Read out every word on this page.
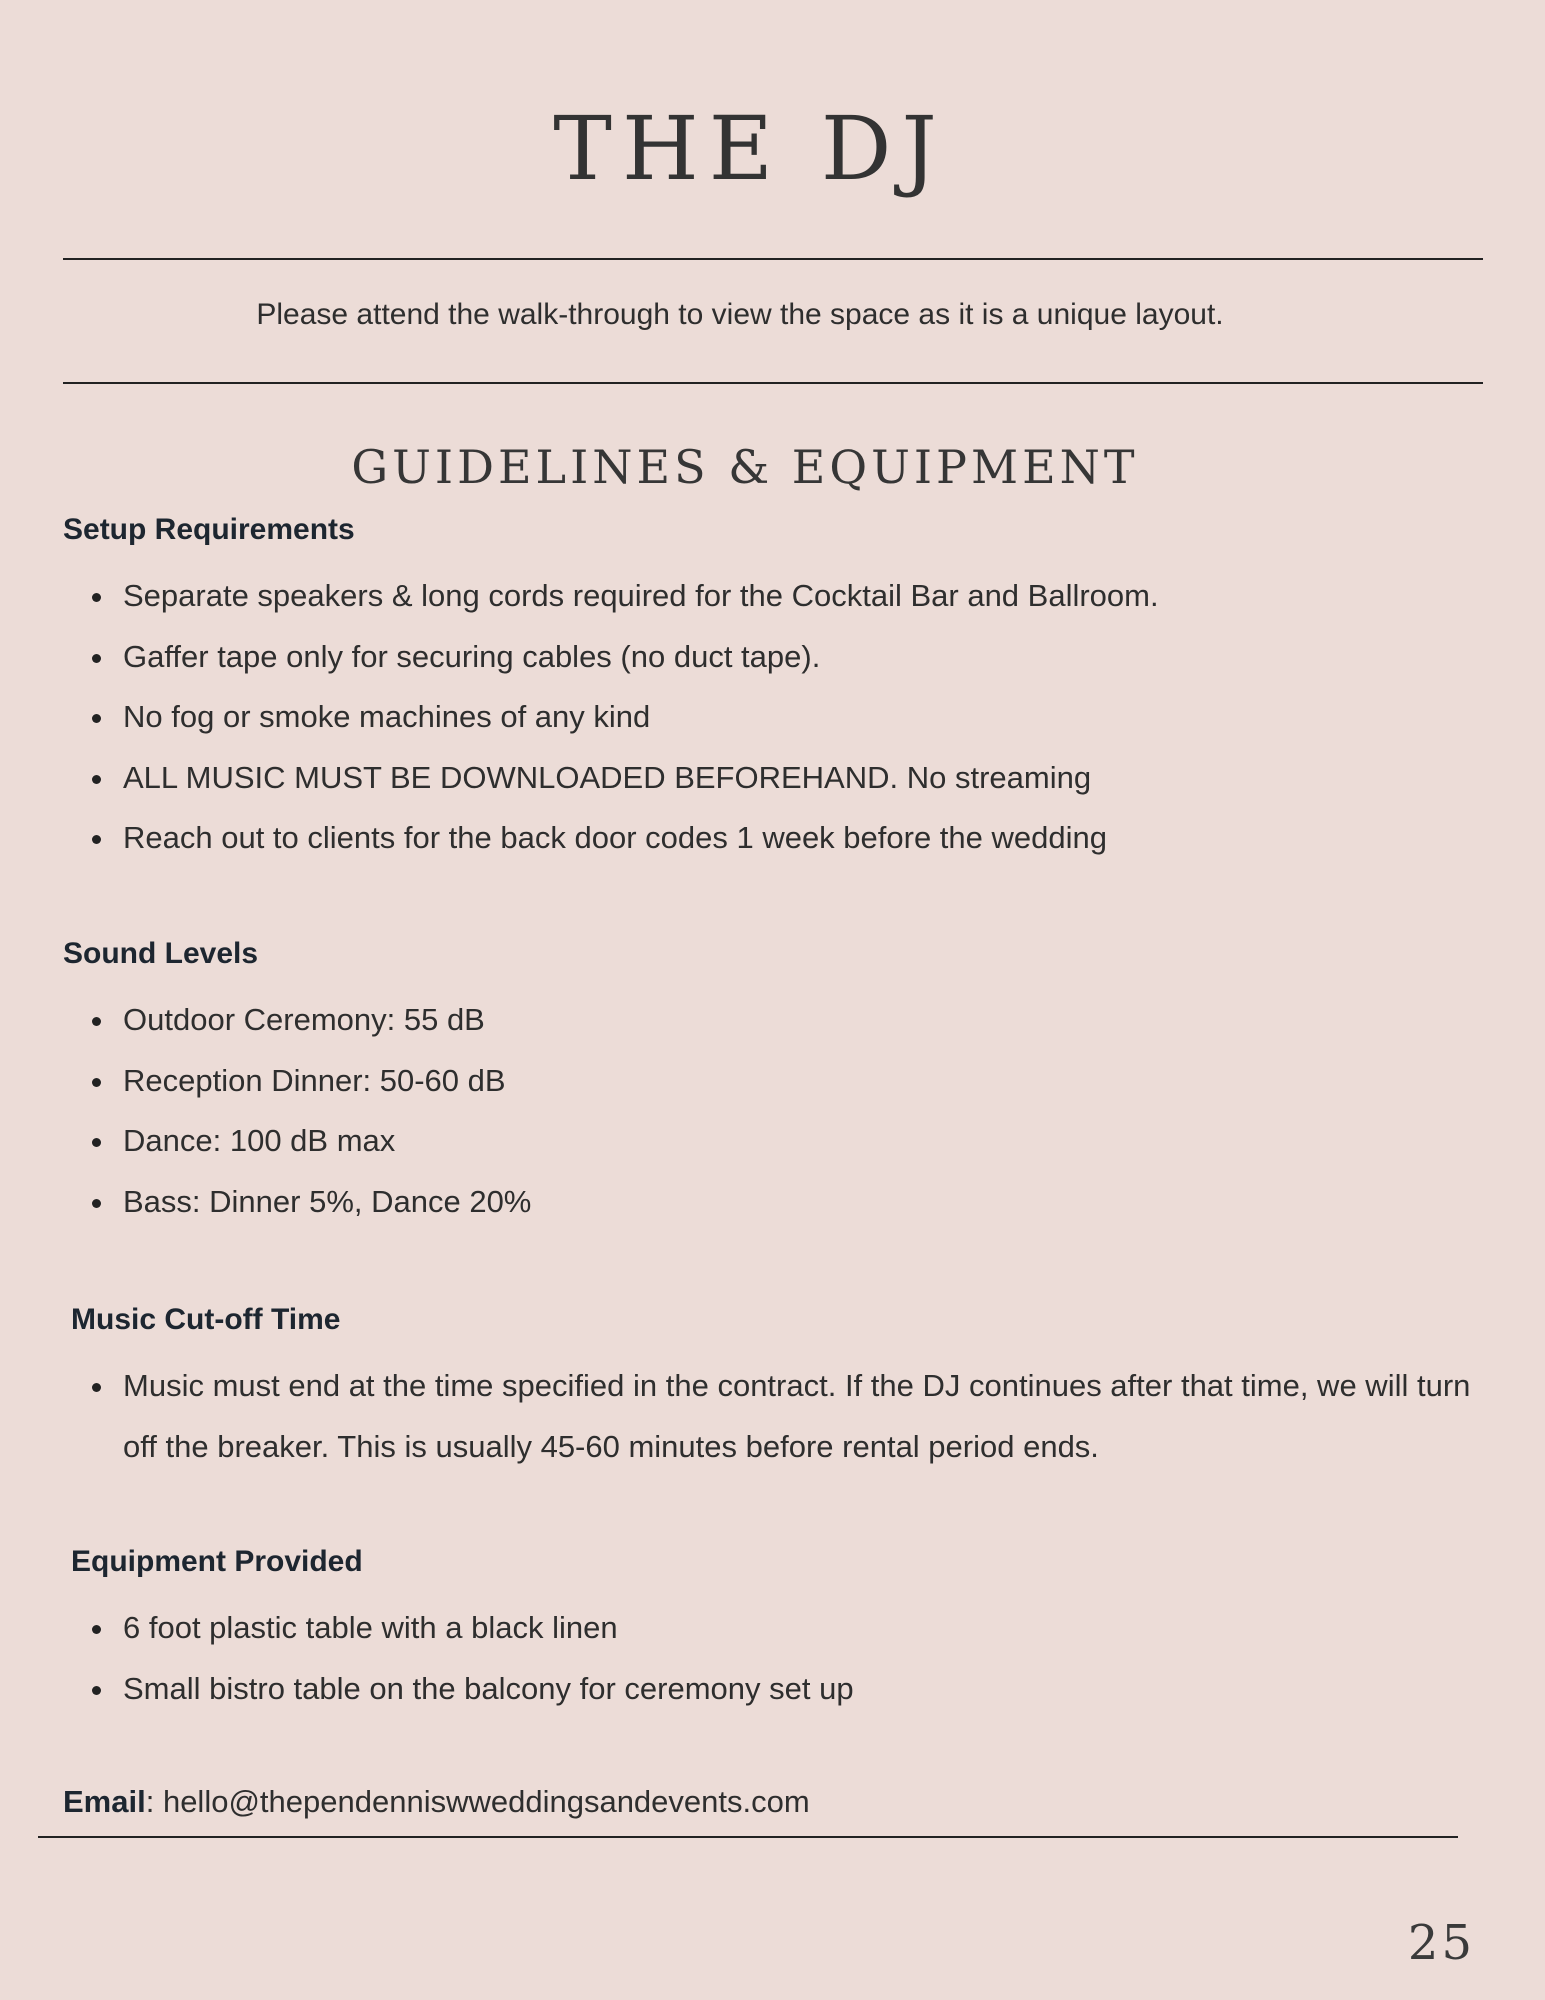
THE DJ
Please attend the walk-through to view the space as it is a unique layout.
GUIDELINES & EQUIPMENT
Setup Requirements
Separate speakers & long cords required for the Cocktail Bar and Ballroom.
Gaffer tape only for securing cables (no duct tape).
No fog or smoke machines of any kind
ALL MUSIC MUST BE DOWNLOADED BEFOREHAND. No streaming
Reach out to clients for the back door codes 1 week before the wedding
Sound Levels
Outdoor Ceremony: 55 dB
Reception Dinner: 50-60 dB
Dance: 100 dB max
Bass: Dinner 5%, Dance 20%
Music Cut-off Time
Music must end at the time specified in the contract. If the DJ continues after that time, we will turn off the breaker. This is usually 45-60 minutes before rental period ends.
Equipment Provided
6 foot plastic table with a black linen
Small bistro table on the balcony for ceremony set up
Email: hello@thependenniswweddingsandevents.com
25
